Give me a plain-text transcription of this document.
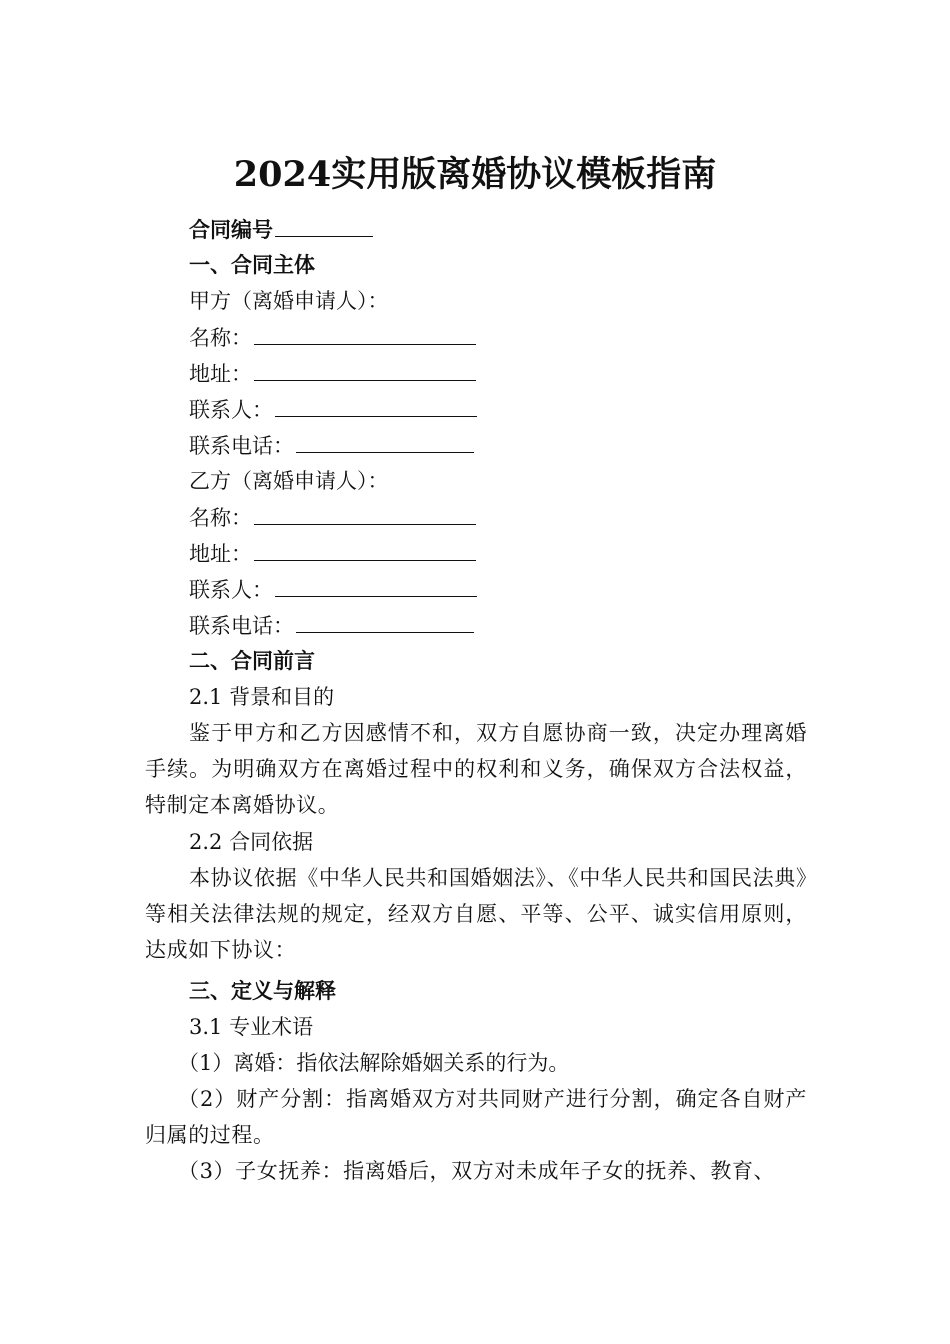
2024实用版离婚协议模板指南
合同编号
一、合同主体
甲方（离婚申请人）：
名称：
地址：
联系人：
联系电话：
乙方（离婚申请人）：
名称：
地址：
联系人：
联系电话：
二、合同前言
2.1 背景和目的
鉴于甲方和乙方因感情不和，双方自愿协商一致，决定办理离婚手续。为明确双方在离婚过程中的权利和义务，确保双方合法权益，特制定本离婚协议。
2.2 合同依据
本协议依据《中华人民共和国婚姻法》、《中华人民共和国民法典》等相关法律法规的规定，经双方自愿、平等、公平、诚实信用原则，达成如下协议：
三、定义与解释
3.1 专业术语
（1）离婚：指依法解除婚姻关系的行为。
（2）财产分割：指离婚双方对共同财产进行分割，确定各自财产归属的过程。
（3）子女抚养：指离婚后，双方对未成年子女的抚养、教育、
